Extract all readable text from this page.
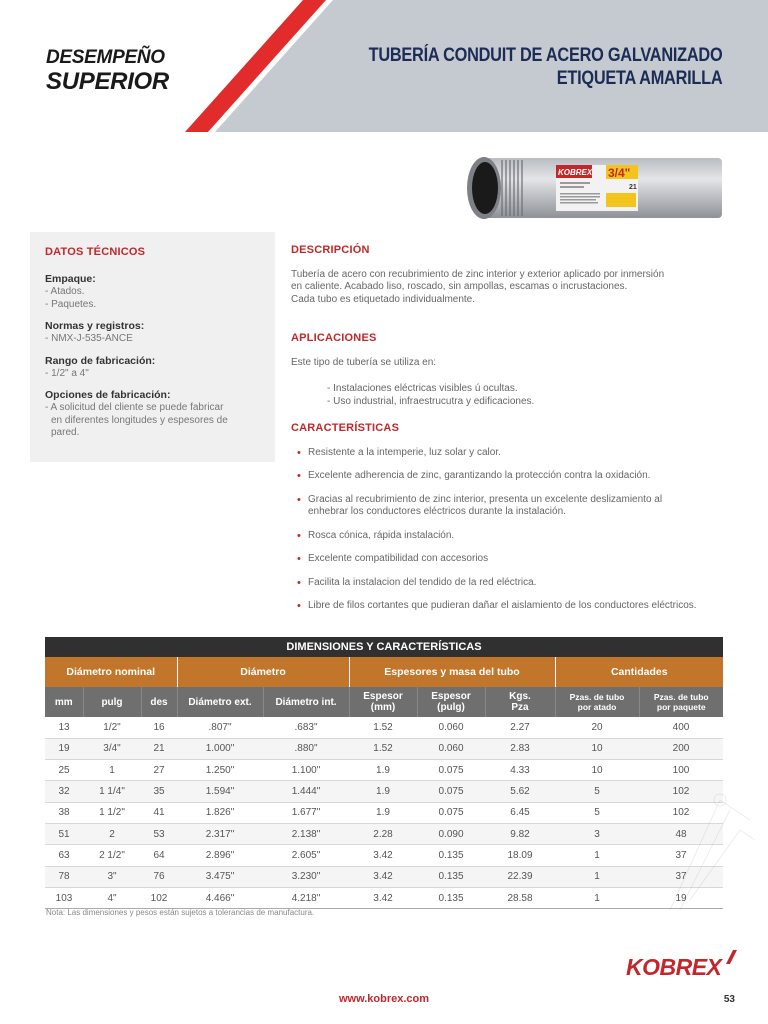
DESEMPEÑO
SUPERIOR
TUBERÍA CONDUIT DE ACERO GALVANIZADO
ETIQUETA AMARILLA
KOBREX 3/4"
21
DATOS TÉCNICOS
Empaque:
- Atados.
- Paquetes.
Normas y registros:
- NMX-J-535-ANCE
Rango de fabricación:
- 1/2" a 4"
Opciones de fabricación:
- A solicitud del cliente se puede fabricar
en diferentes longitudes y espesores de
pared.
DESCRIPCIÓN
Tubería de acero con recubrimiento de zinc interior y exterior aplicado por inmersión
en caliente. Acabado liso, roscado, sin ampollas, escamas o incrustaciones.
Cada tubo es etiquetado individualmente.
APLICACIONES
Este tipo de tubería se utiliza en:
- Instalaciones eléctricas visibles ú ocultas.
- Uso industrial, infraestrucutra y edificaciones.
CARACTERÍSTICAS
• Resistente a la intemperie, luz solar y calor.
• Excelente adherencia de zinc, garantizando la protección contra la oxidación.
• Gracias al recubrimiento de zinc interior, presenta un excelente deslizamiento al enhebrar los conductores eléctricos durante la instalación.
• Rosca cónica, rápida instalación.
• Excelente compatibilidad con accesorios
• Facilita la instalacion del tendido de la red eléctrica.
• Libre de filos cortantes que pudieran dañar el aislamiento de los conductores eléctricos.
DIMENSIONES Y CARACTERÍSTICAS									
Diámetro nominal			Diámetro		Espesores y masa del tubo			Cantidades	
mm	pulg	des	Diámetro ext.	Diámetro int.	Espesor (mm)	Espesor (pulg)	Kgs. Pza	Pzas. de tubo por atado	Pzas. de tubo por paquete
13	1/2"	16	.807"	.683"	1.52	0.060	2.27	20	400
19	3/4"	21	1.000"	.880"	1.52	0.060	2.83	10	200
25	1	27	1.250"	1.100"	1.9	0.075	4.33	10	100
32	1 1/4"	35	1.594"	1.444"	1.9	0.075	5.62	5	102
38	1 1/2"	41	1.826"	1.677"	1.9	0.075	6.45	5	102
51	2	53	2.317"	2.138"	2.28	0.090	9.82	3	48
63	2 1/2"	64	2.896"	2.605"	3.42	0.135	18.09	1	37
78	3"	76	3.475"	3.230"	3.42	0.135	22.39	1	37
103	4"	102	4.466"	4.218"	3.42	0.135	28.58	1	19
Nota: Las dimensiones y pesos están sujetos a tolerancias de manufactura.
KOBREX
www.kobrex.com	53
